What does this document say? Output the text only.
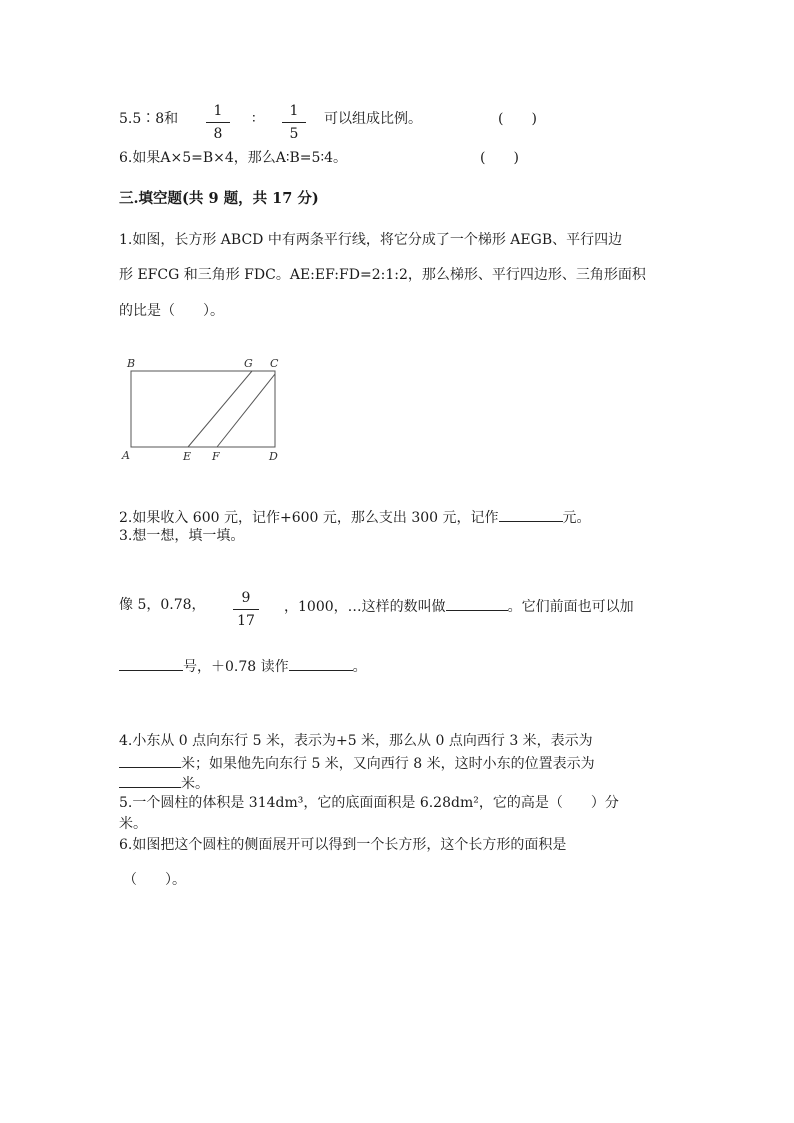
5.5∶8和	1
8
∶	1
5
可以组成比例。	(　　)
6.如果A×5=B×4，那么A∶B=5∶4。	(　　)
三.填空题(共 9 题，共 17 分)
1.如图，长方形 ABCD 中有两条平行线，将它分成了一个梯形 AEGB、平行四边
形 EFCG 和三角形 FDC。AE:EF:FD=2:1:2，那么梯形、平行四边形、三角形面积
的比是（　　）。
B	G C
A	E F	D
2.如果收入 600 元，记作+600 元，那么支出 300 元，记作	元。
3.想一想，填一填。
像 5，0.78，	9
17
，1000，…这样的数叫做	。它们前面也可以加
号，＋0.78 读作	。
4.小东从 0 点向东行 5 米，表示为+5 米，那么从 0 点向西行 3 米，表示为
米；如果他先向东行 5 米，又向西行 8 米，这时小东的位置表示为
米。
5.一个圆柱的体积是 314dm³，它的底面面积是 6.28dm²，它的高是（　　）分
米。
6.如图把这个圆柱的侧面展开可以得到一个长方形，这个长方形的面积是
（　　）。
